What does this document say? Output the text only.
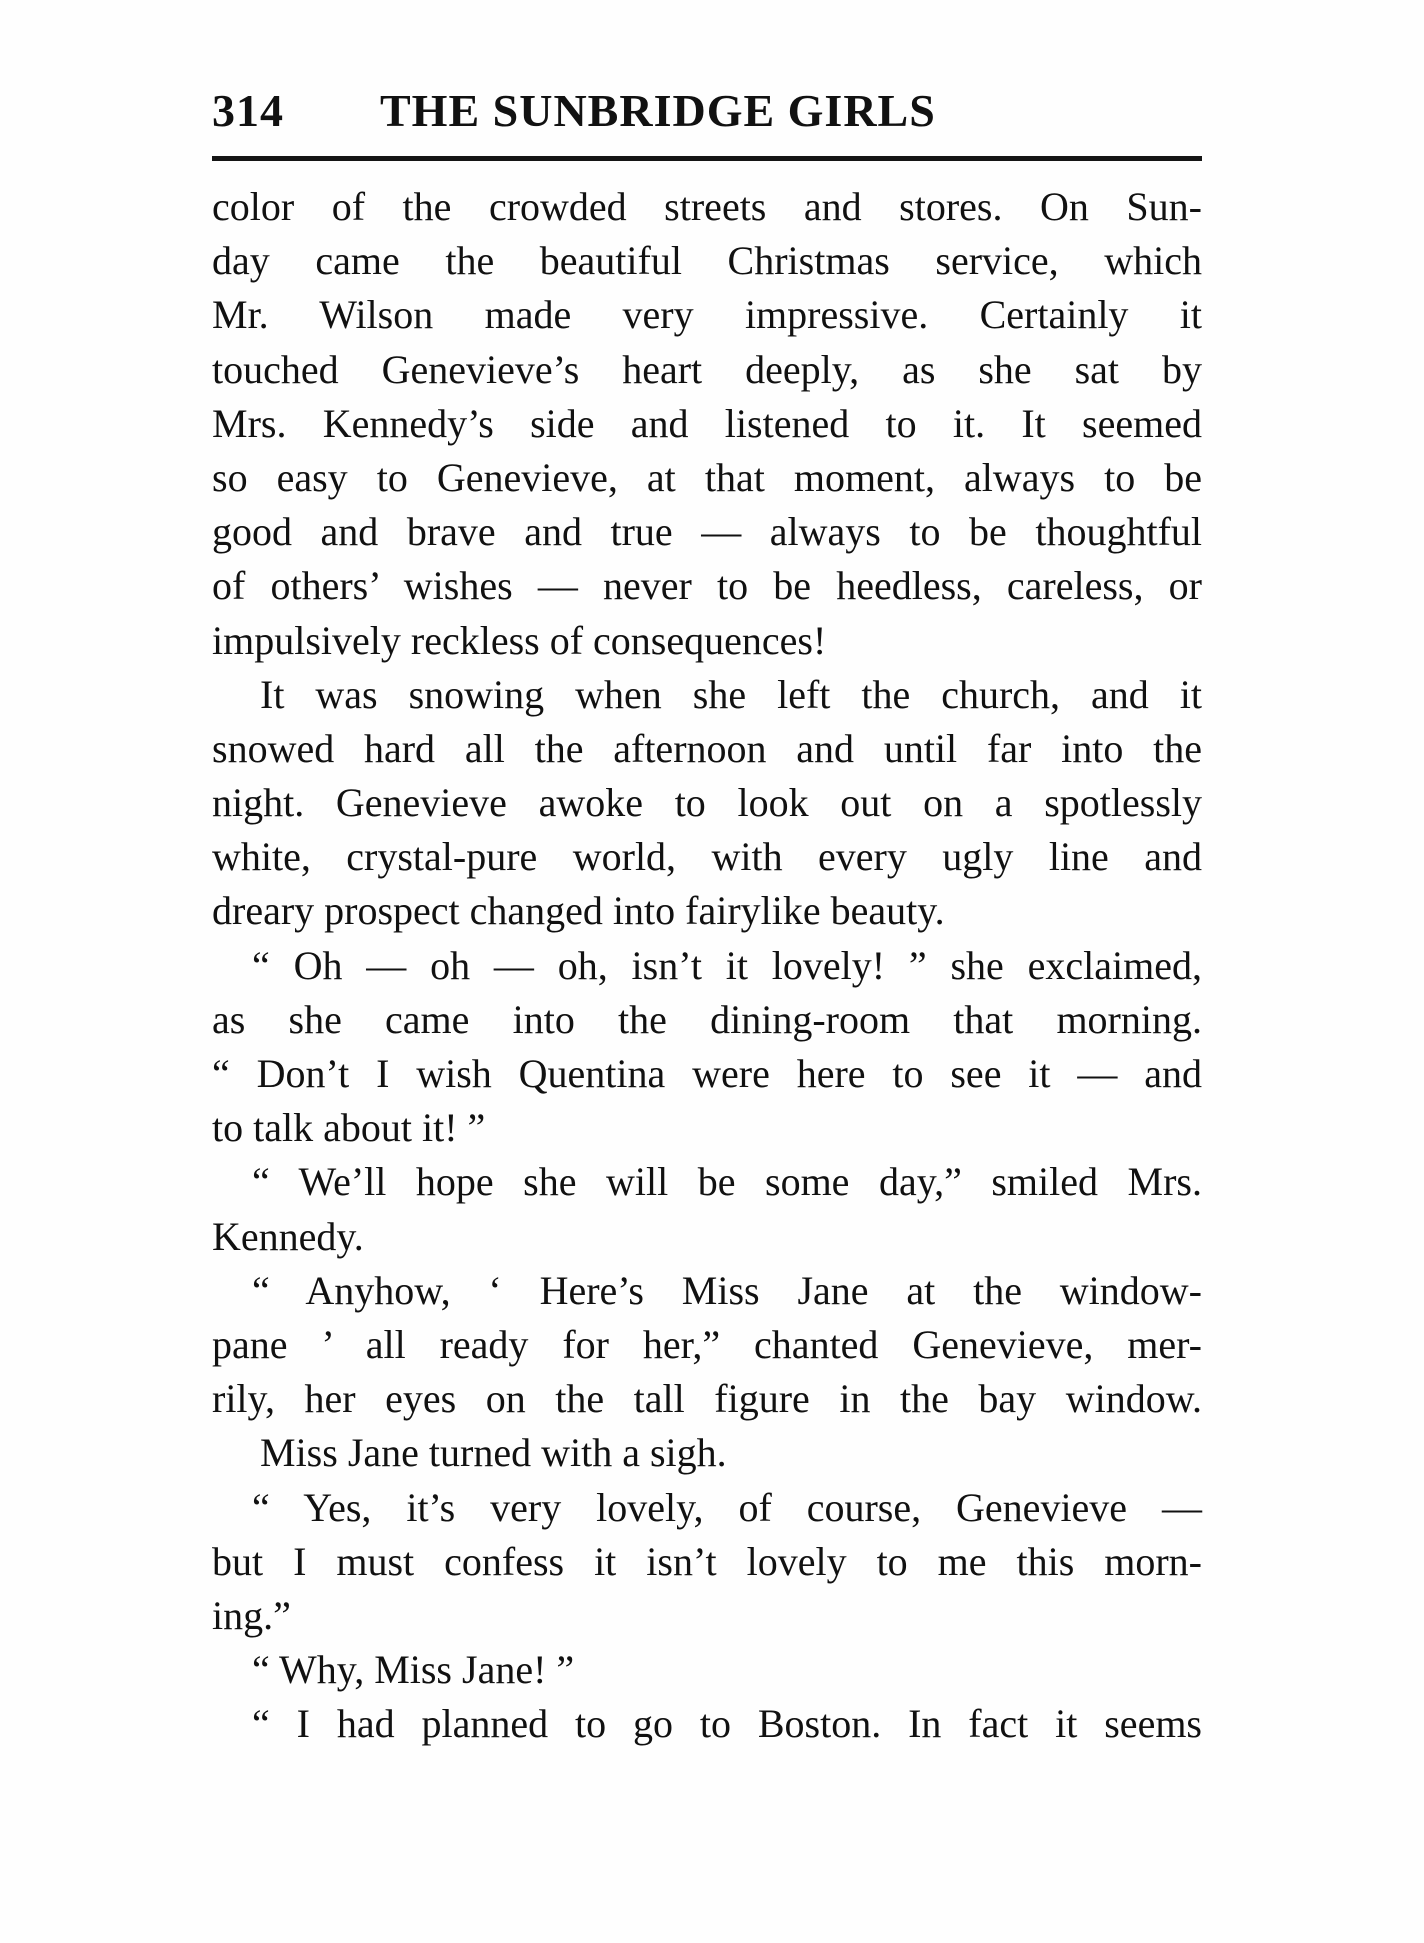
314 THE SUNBRIDGE GIRLS
color of the crowded streets and stores. On Sun-
day came the beautiful Christmas service, which
Mr. Wilson made very impressive. Certainly it
touched Genevieve’s heart deeply, as she sat by
Mrs. Kennedy’s side and listened to it. It seemed
so easy to Genevieve, at that moment, always to be
good and brave and true — always to be thoughtful
of others’ wishes — never to be heedless, careless, or
impulsively reckless of consequences!
It was snowing when she left the church, and it
snowed hard all the afternoon and until far into the
night. Genevieve awoke to look out on a spotlessly
white, crystal-pure world, with every ugly line and
dreary prospect changed into fairylike beauty.
“ Oh — oh — oh, isn’t it lovely! ” she exclaimed,
as she came into the dining-room that morning.
“ Don’t I wish Quentina were here to see it — and
to talk about it! ”
“ We’ll hope she will be some day,” smiled Mrs.
Kennedy.
“ Anyhow, ‘ Here’s Miss Jane at the window-
pane ’ all ready for her,” chanted Genevieve, mer-
rily, her eyes on the tall figure in the bay window.
Miss Jane turned with a sigh.
“ Yes, it’s very lovely, of course, Genevieve —
but I must confess it isn’t lovely to me this morn-
ing.”
“ Why, Miss Jane! ”
“ I had planned to go to Boston. In fact it seems
